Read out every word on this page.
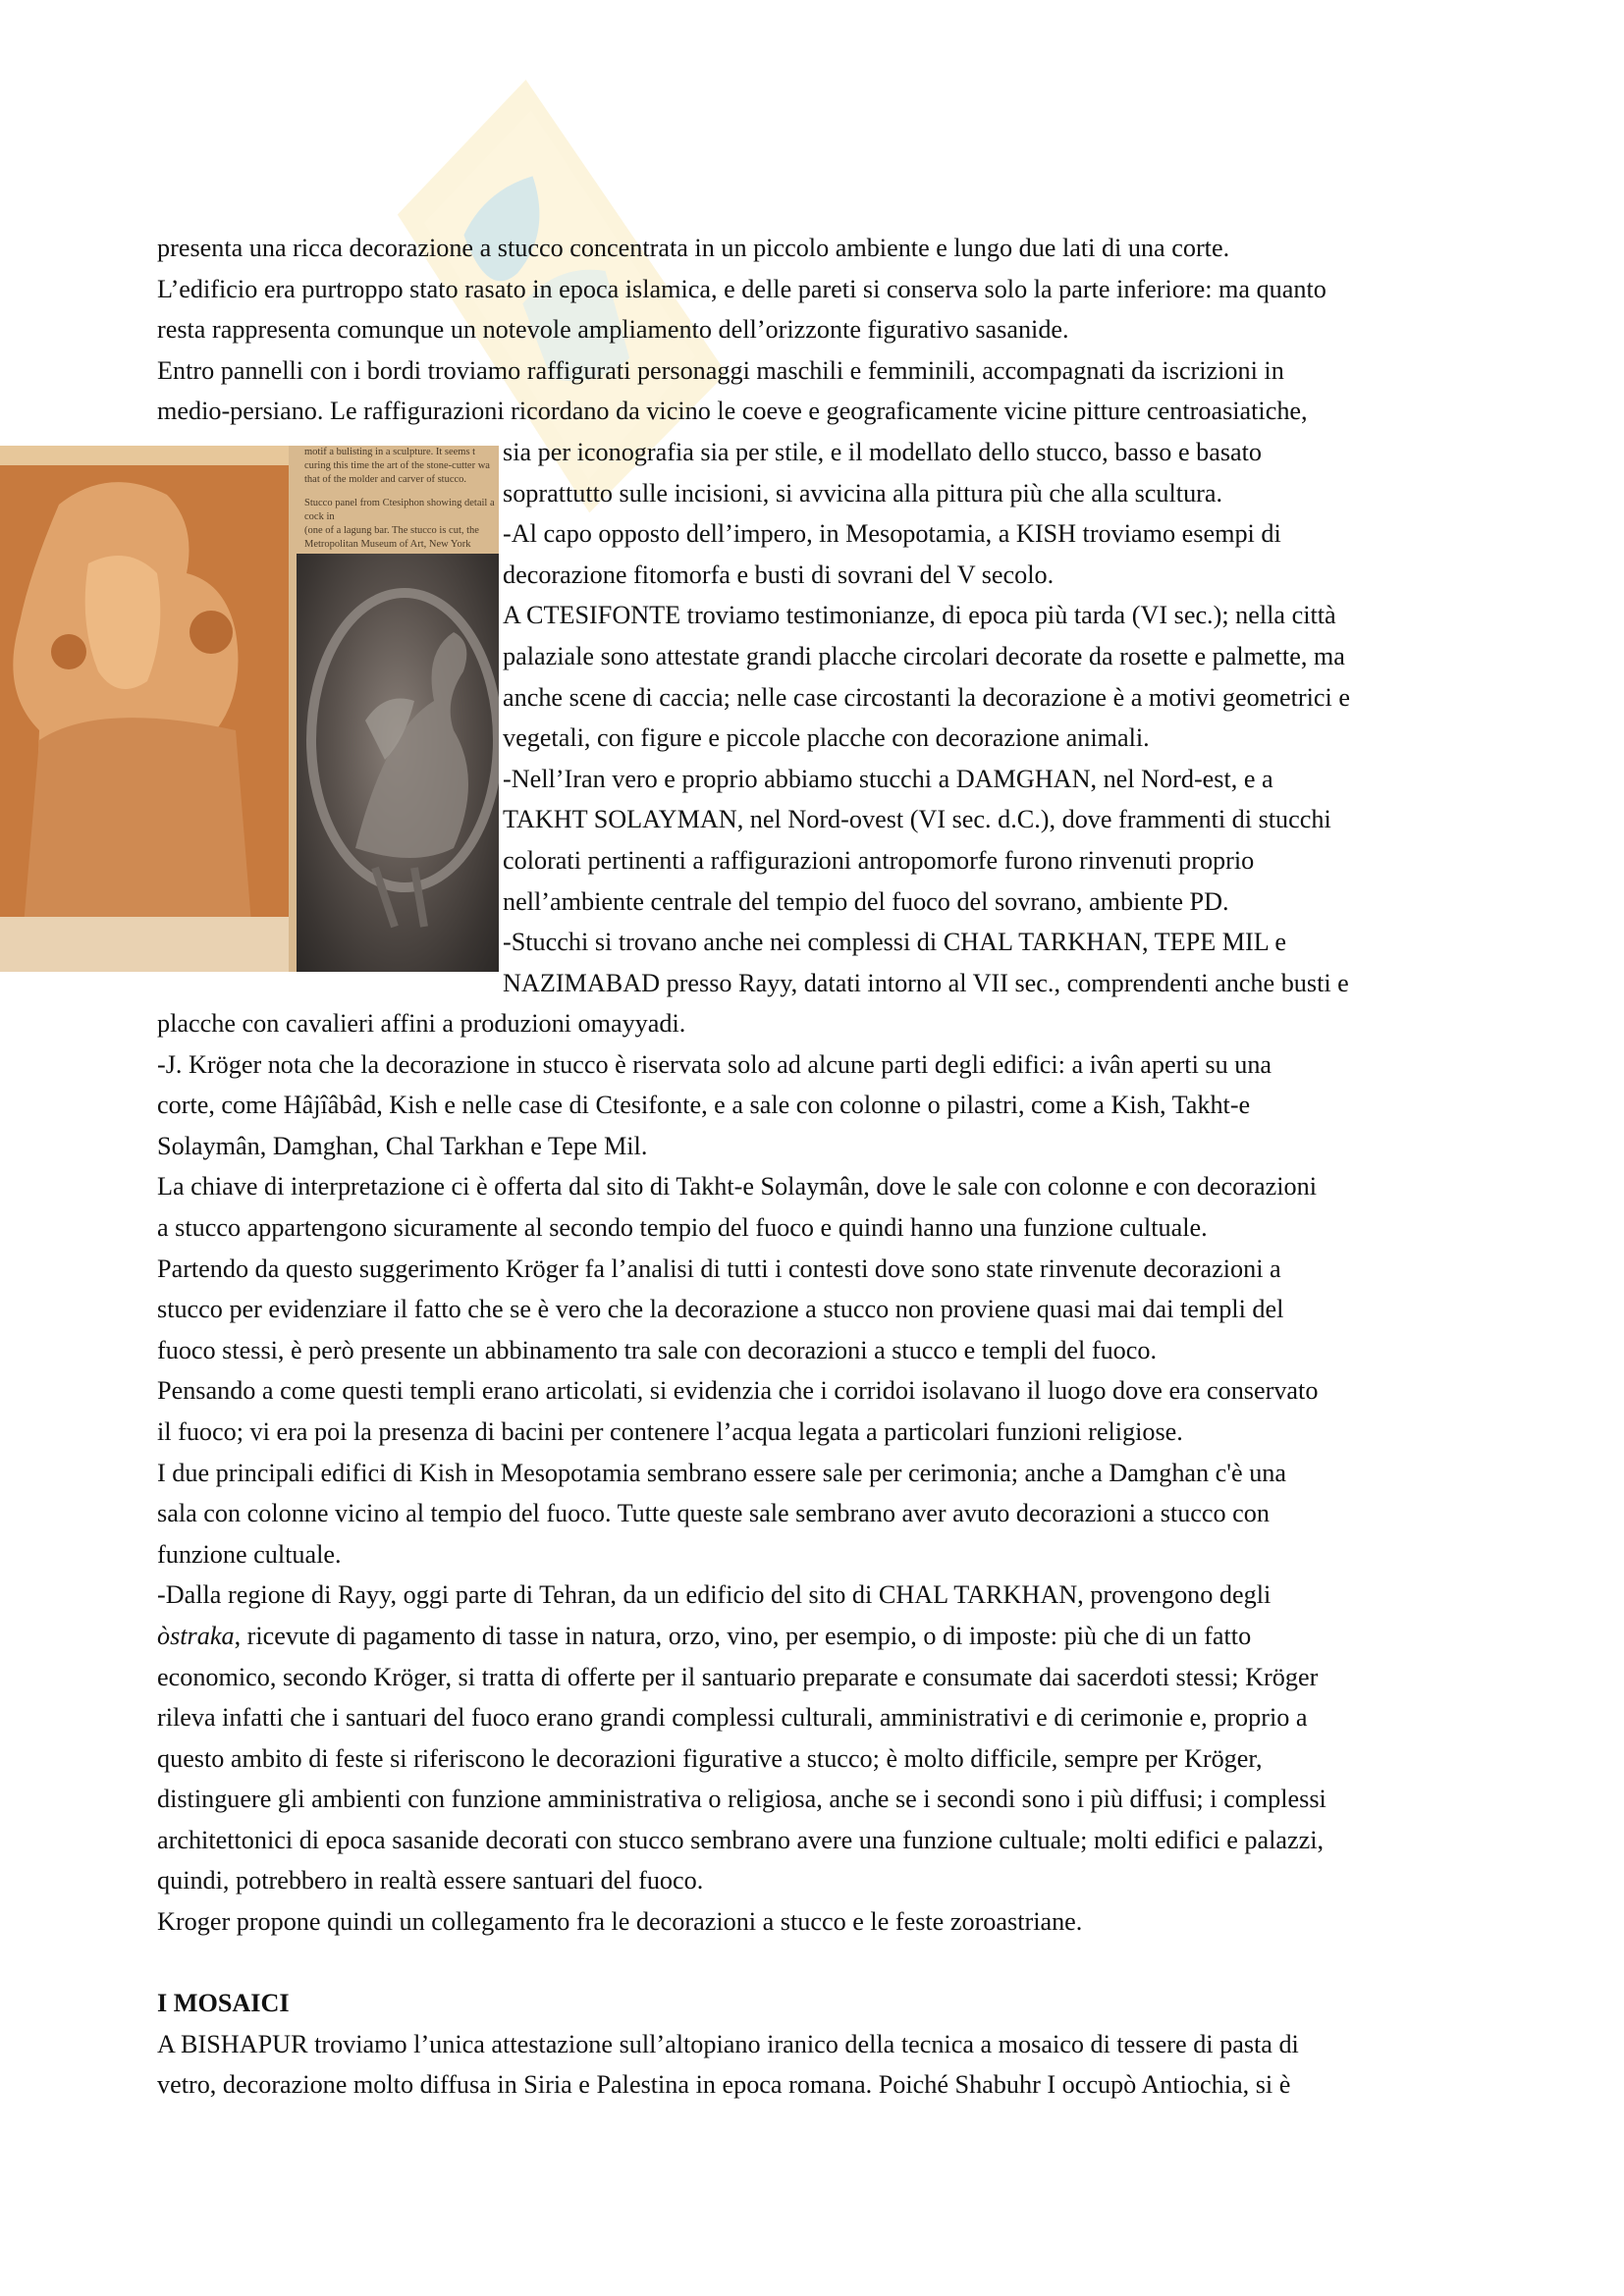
motif a bulisting in a sculpture. It seems t
curing this time the art of the stone-cutter wa
that of the molder and carver of stucco.
Stucco panel from Ctesiphon showing detail a cock in
(one of a lagung bar. The stucco is cut, the
Metropolitan Museum of Art, New York
presenta una ricca decorazione a stucco concentrata in un piccolo ambiente e lungo due lati di una corte.
L’edificio era purtroppo stato rasato in epoca islamica, e delle pareti si conserva solo la parte inferiore: ma quanto
resta rappresenta comunque un notevole ampliamento dell’orizzonte figurativo sasanide.
Entro pannelli con i bordi troviamo raffigurati personaggi maschili e femminili, accompagnati da iscrizioni in
medio-persiano. Le raffigurazioni ricordano da vicino le coeve e geograficamente vicine pitture centroasiatiche,
sia per iconografia sia per stile, e il modellato dello stucco, basso e basato
soprattutto sulle incisioni, si avvicina alla pittura più che alla scultura.
-Al capo opposto dell’impero, in Mesopotamia, a KISH troviamo esempi di
decorazione fitomorfa e busti di sovrani del V secolo.
A CTESIFONTE troviamo testimonianze, di epoca più tarda (VI sec.); nella città
palaziale sono attestate grandi placche circolari decorate da rosette e palmette, ma
anche scene di caccia; nelle case circostanti la decorazione è a motivi geometrici e
vegetali, con figure e piccole placche con decorazione animali.
-Nell’Iran vero e proprio abbiamo stucchi a DAMGHAN, nel Nord-est, e a
TAKHT SOLAYMAN, nel Nord-ovest (VI sec. d.C.), dove frammenti di stucchi
colorati pertinenti a raffigurazioni antropomorfe furono rinvenuti proprio
nell’ambiente centrale del tempio del fuoco del sovrano, ambiente PD.
-Stucchi si trovano anche nei complessi di CHAL TARKHAN, TEPE MIL e
NAZIMABAD presso Rayy, datati intorno al VII sec., comprendenti anche busti e
placche con cavalieri affini a produzioni omayyadi.
-J. Kröger nota che la decorazione in stucco è riservata solo ad alcune parti degli edifici: a ivân aperti su una
corte, come Hâjîâbâd, Kish e nelle case di Ctesifonte, e a sale con colonne o pilastri, come a Kish, Takht-e
Solaymân, Damghan, Chal Tarkhan e Tepe Mil.
La chiave di interpretazione ci è offerta dal sito di Takht-e Solaymân, dove le sale con colonne e con decorazioni
a stucco appartengono sicuramente al secondo tempio del fuoco e quindi hanno una funzione cultuale.
Partendo da questo suggerimento Kröger fa l’analisi di tutti i contesti dove sono state rinvenute decorazioni a
stucco per evidenziare il fatto che se è vero che la decorazione a stucco non proviene quasi mai dai templi del
fuoco stessi, è però presente un abbinamento tra sale con decorazioni a stucco e templi del fuoco.
Pensando a come questi templi erano articolati, si evidenzia che i corridoi isolavano il luogo dove era conservato
il fuoco; vi era poi la presenza di bacini per contenere l’acqua legata a particolari funzioni religiose.
I due principali edifici di Kish in Mesopotamia sembrano essere sale per cerimonia; anche a Damghan c'è una
sala con colonne vicino al tempio del fuoco. Tutte queste sale sembrano aver avuto decorazioni a stucco con
funzione cultuale.
-Dalla regione di Rayy, oggi parte di Tehran, da un edificio del sito di CHAL TARKHAN, provengono degli
òstraka, ricevute di pagamento di tasse in natura, orzo, vino, per esempio, o di imposte: più che di un fatto
economico, secondo Kröger, si tratta di offerte per il santuario preparate e consumate dai sacerdoti stessi; Kröger
rileva infatti che i santuari del fuoco erano grandi complessi culturali, amministrativi e di cerimonie e, proprio a
questo ambito di feste si riferiscono le decorazioni figurative a stucco; è molto difficile, sempre per Kröger,
distinguere gli ambienti con funzione amministrativa o religiosa, anche se i secondi sono i più diffusi; i complessi
architettonici di epoca sasanide decorati con stucco sembrano avere una funzione cultuale; molti edifici e palazzi,
quindi, potrebbero in realtà essere santuari del fuoco.
Kroger propone quindi un collegamento fra le decorazioni a stucco e le feste zoroastriane.
I MOSAICI
A BISHAPUR troviamo l’unica attestazione sull’altopiano iranico della tecnica a mosaico di tessere di pasta di
vetro, decorazione molto diffusa in Siria e Palestina in epoca romana. Poiché Shabuhr I occupò Antiochia, si è
